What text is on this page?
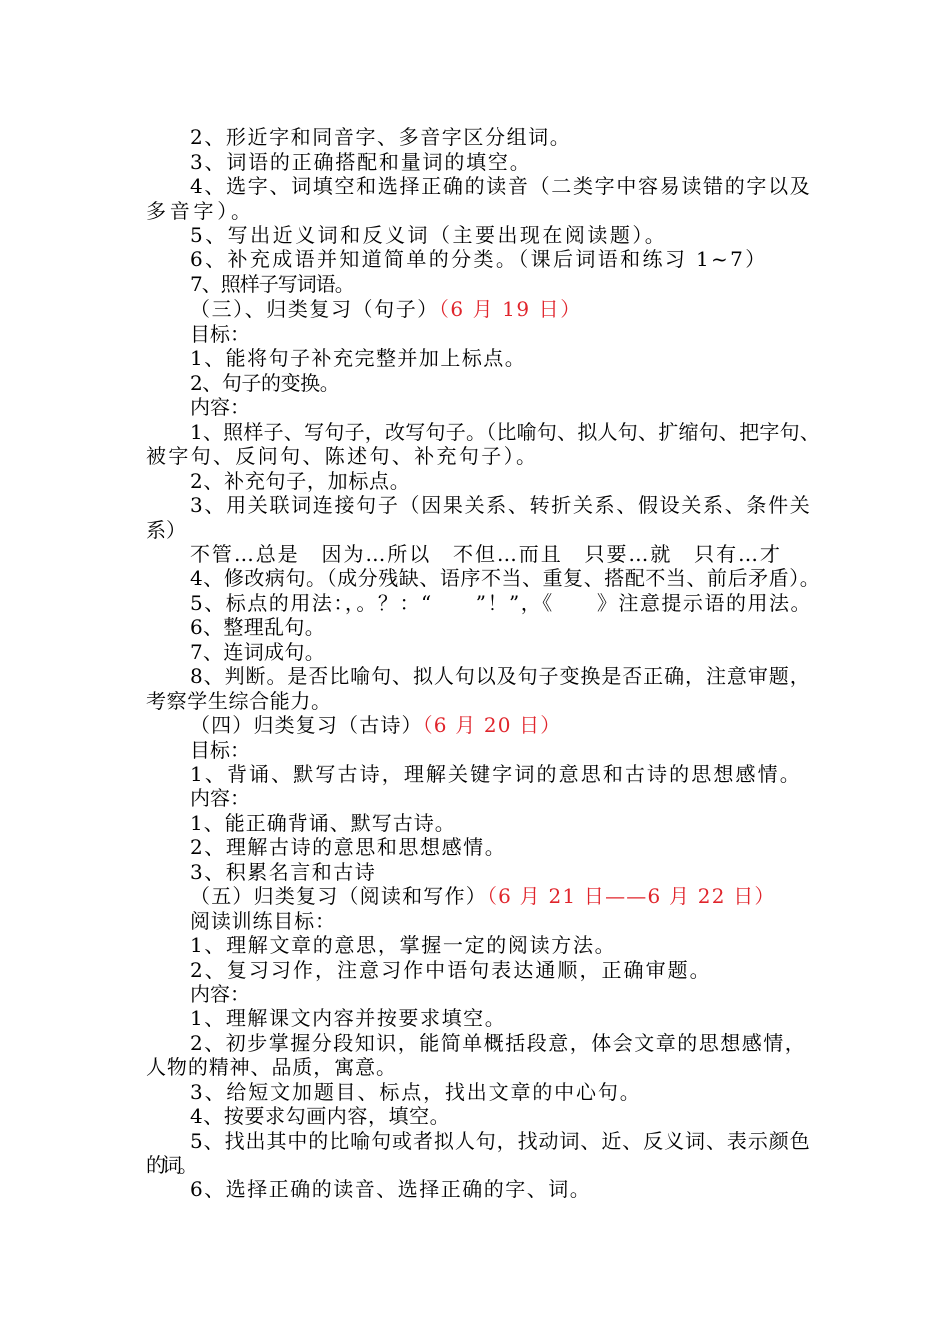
2、形近字和同音字、多音字区分组词。
3、词语的正确搭配和量词的填空。
4、选字、词填空和选择正确的读音（二类字中容易读错的字以及
多音字）。
5、写出近义词和反义词（主要出现在阅读题）。
6、补充成语并知道简单的分类。（课后词语和练习 1~7）
7、照样子写词语。
（三）、归类复习（句子）（6 月 19 日）
目标：
1、能将句子补充完整并加上标点。
2、句子的变换。
内容：
1、照样子、写句子，改写句子。（比喻句、拟人句、扩缩句、把字句、
被字句、反问句、陈述句、补充句子）。
2、补充句子，加标点。
3、用关联词连接句子（因果关系、转折关系、假设关系、条件关
系）
不管…总是　因为…所以　不但…而且　只要…就　只有…才
4、修改病句。（成分残缺、语序不当、重复、搭配不当、前后矛盾）。
5、标点的用法：，。？：“　　”！”，《　　》注意提示语的用法。
6、整理乱句。
7、连词成句。
8、判断。是否比喻句、拟人句以及句子变换是否正确，注意审题，
考察学生综合能力。
（四）归类复习（古诗）（6 月 20 日）
目标：
1、背诵、默写古诗，理解关键字词的意思和古诗的思想感情。
内容：
1、能正确背诵、默写古诗。
2、理解古诗的意思和思想感情。
3、积累名言和古诗
（五）归类复习（阅读和写作）（6 月 21 日——6 月 22 日）
阅读训练目标：
1、理解文章的意思，掌握一定的阅读方法。
2、复习习作，注意习作中语句表达通顺，正确审题。
内容：
1、理解课文内容并按要求填空。
2、初步掌握分段知识，能简单概括段意，体会文章的思想感情，
人物的精神、品质，寓意。
3、给短文加题目、标点，找出文章的中心句。
4、按要求勾画内容，填空。
5、找出其中的比喻句或者拟人句，找动词、近、反义词、表示颜色
的词。
6、选择正确的读音、选择正确的字、词。
